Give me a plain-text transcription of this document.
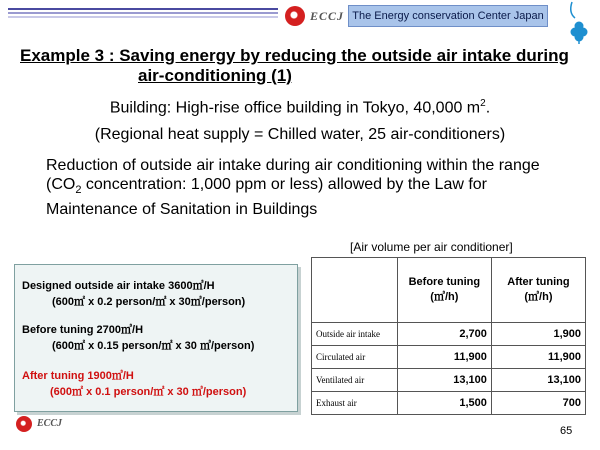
ECCJ The Energy conservation Center Japan
Example 3 : Saving energy by reducing the outside air intake during
air-conditioning (1)
Building: High-rise office building in Tokyo, 40,000 $m^2$.
(Regional heat supply = Chilled water, 25 air-conditioners)
Reduction of outside air intake during air conditioning within the range ($CO_2$ concentration: 1,000 ppm or less) allowed by the Law for Maintenance of Sanitation in Buildings
Designed outside air intake 3600㎥/H
(600㎡ x 0.2 person/㎡ x 30㎥/person)
Before tuning 2700㎥/H
(600㎡ x 0.15 person/㎡ x 30 ㎥/person)
After tuning 1900㎥/H
(600㎡ x 0.1 person/㎡ x 30 ㎥/person)
[Air volume per air conditioner]
	Before tuning (㎥/h)	After tuning (㎥/h)
Outside air intake	2,700	1,900
Circulated air	11,900	11,900
Ventilated air	13,100	13,100
Exhaust air	1,500	700
ECCJ
65
